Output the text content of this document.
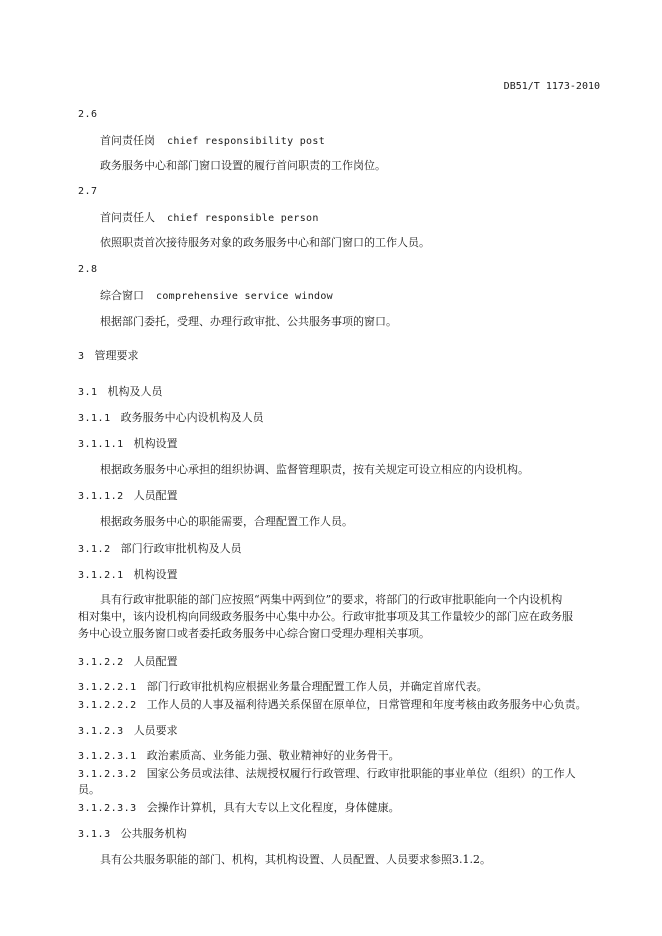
DB51/T 1173-2010
2.6
首问责任岗 chief responsibility post
政务服务中心和部门窗口设置的履行首问职责的工作岗位。
2.7
首问责任人 chief responsible person
依照职责首次接待服务对象的政务服务中心和部门窗口的工作人员。
2.8
综合窗口 comprehensive service window
根据部门委托，受理、办理行政审批、公共服务事项的窗口。
3 管理要求
3.1 机构及人员
3.1.1 政务服务中心内设机构及人员
3.1.1.1 机构设置
根据政务服务中心承担的组织协调、监督管理职责，按有关规定可设立相应的内设机构。
3.1.1.2 人员配置
根据政务服务中心的职能需要，合理配置工作人员。
3.1.2 部门行政审批机构及人员
3.1.2.1 机构设置
具有行政审批职能的部门应按照“两集中两到位”的要求，将部门的行政审批职能向一个内设机构
相对集中，该内设机构向同级政务服务中心集中办公。行政审批事项及其工作量较少的部门应在政务服
务中心设立服务窗口或者委托政务服务中心综合窗口受理办理相关事项。
3.1.2.2 人员配置
3.1.2.2.1 部门行政审批机构应根据业务量合理配置工作人员，并确定首席代表。
3.1.2.2.2 工作人员的人事及福利待遇关系保留在原单位，日常管理和年度考核由政务服务中心负责。
3.1.2.3 人员要求
3.1.2.3.1 政治素质高、业务能力强、敬业精神好的业务骨干。
3.1.2.3.2 国家公务员或法律、法规授权履行行政管理、行政审批职能的事业单位（组织）的工作人
员。
3.1.2.3.3 会操作计算机，具有大专以上文化程度，身体健康。
3.1.3 公共服务机构
具有公共服务职能的部门、机构，其机构设置、人员配置、人员要求参照3.1.2。
